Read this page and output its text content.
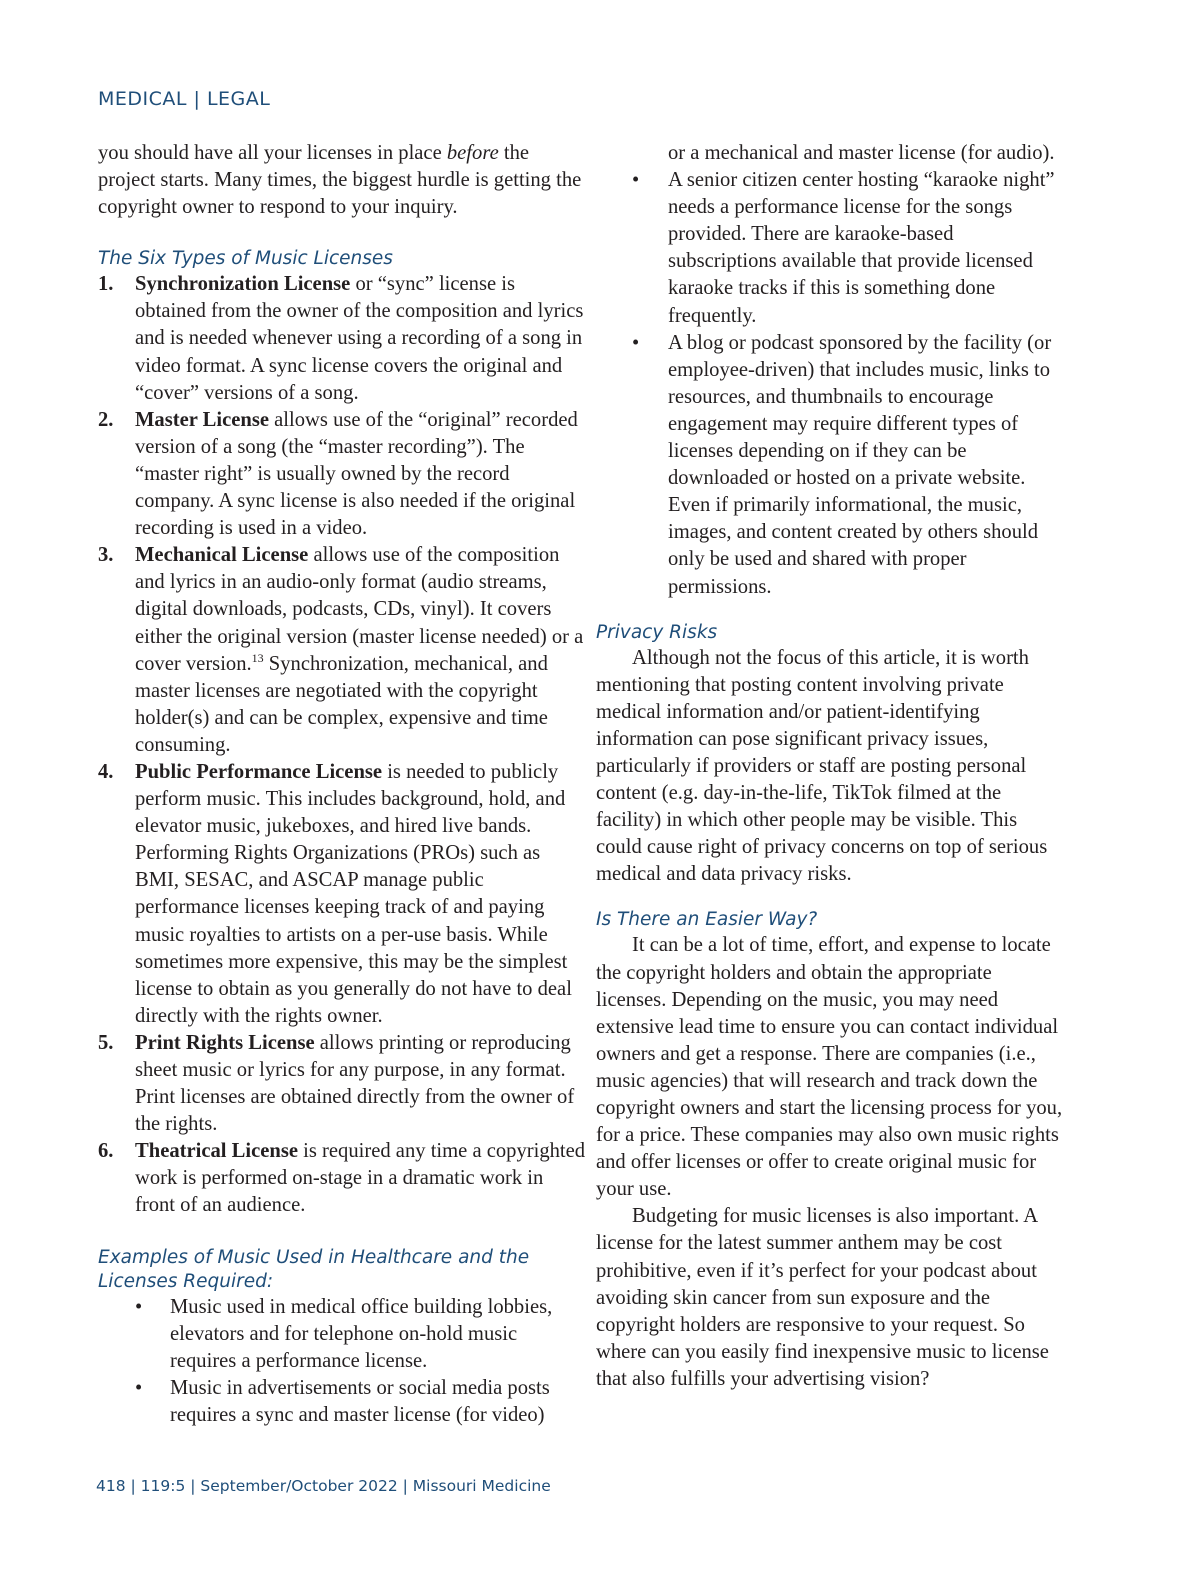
MEDICAL | LEGAL

you should have all your licenses in place before the project starts. Many times, the biggest hurdle is getting the copyright owner to respond to your inquiry.

The Six Types of Music Licenses

1. Synchronization License or “sync” license is obtained from the owner of the composition and lyrics and is needed whenever using a recording of a song in video format. A sync license covers the original and “cover” versions of a song.
2. Master License allows use of the “original” recorded version of a song (the “master recording”). The “master right” is usually owned by the record company. A sync license is also needed if the original recording is used in a video.
3. Mechanical License allows use of the composition and lyrics in an audio-only format (audio streams, digital downloads, podcasts, CDs, vinyl). It covers either the original version (master license needed) or a cover version.$^{13}$ Synchronization, mechanical, and master licenses are negotiated with the copyright holder(s) and can be complex, expensive and time consuming.
4. Public Performance License is needed to publicly perform music. This includes background, hold, and elevator music, jukeboxes, and hired live bands. Performing Rights Organizations (PROs) such as BMI, SESAC, and ASCAP manage public performance licenses keeping track of and paying music royalties to artists on a per-use basis. While sometimes more expensive, this may be the simplest license to obtain as you generally do not have to deal directly with the rights owner.
5. Print Rights License allows printing or reproducing sheet music or lyrics for any purpose, in any format. Print licenses are obtained directly from the owner of the rights.
6. Theatrical License is required any time a copyrighted work is performed on-stage in a dramatic work in front of an audience.

Examples of Music Used in Healthcare and the Licenses Required:

• Music used in medical office building lobbies, elevators and for telephone on-hold music requires a performance license.
• Music in advertisements or social media posts requires a sync and master license (for video)

or a mechanical and master license (for audio).

• A senior citizen center hosting “karaoke night” needs a performance license for the songs provided. There are karaoke-based subscriptions available that provide licensed karaoke tracks if this is something done frequently.
• A blog or podcast sponsored by the facility (or employee-driven) that includes music, links to resources, and thumbnails to encourage engagement may require different types of licenses depending on if they can be downloaded or hosted on a private website. Even if primarily informational, the music, images, and content created by others should only be used and shared with proper permissions.

Privacy Risks

Although not the focus of this article, it is worth mentioning that posting content involving private medical information and/or patient-identifying information can pose significant privacy issues, particularly if providers or staff are posting personal content (e.g. day-in-the-life, TikTok filmed at the facility) in which other people may be visible. This could cause right of privacy concerns on top of serious medical and data privacy risks.

Is There an Easier Way?

It can be a lot of time, effort, and expense to locate the copyright holders and obtain the appropriate licenses. Depending on the music, you may need extensive lead time to ensure you can contact individual owners and get a response. There are companies (i.e., music agencies) that will research and track down the copyright owners and start the licensing process for you, for a price. These companies may also own music rights and offer licenses or offer to create original music for your use.

Budgeting for music licenses is also important. A license for the latest summer anthem may be cost prohibitive, even if it’s perfect for your podcast about avoiding skin cancer from sun exposure and the copyright holders are responsive to your request. So where can you easily find inexpensive music to license that also fulfills your advertising vision?

418 | 119:5 | September/October 2022 | Missouri Medicine
